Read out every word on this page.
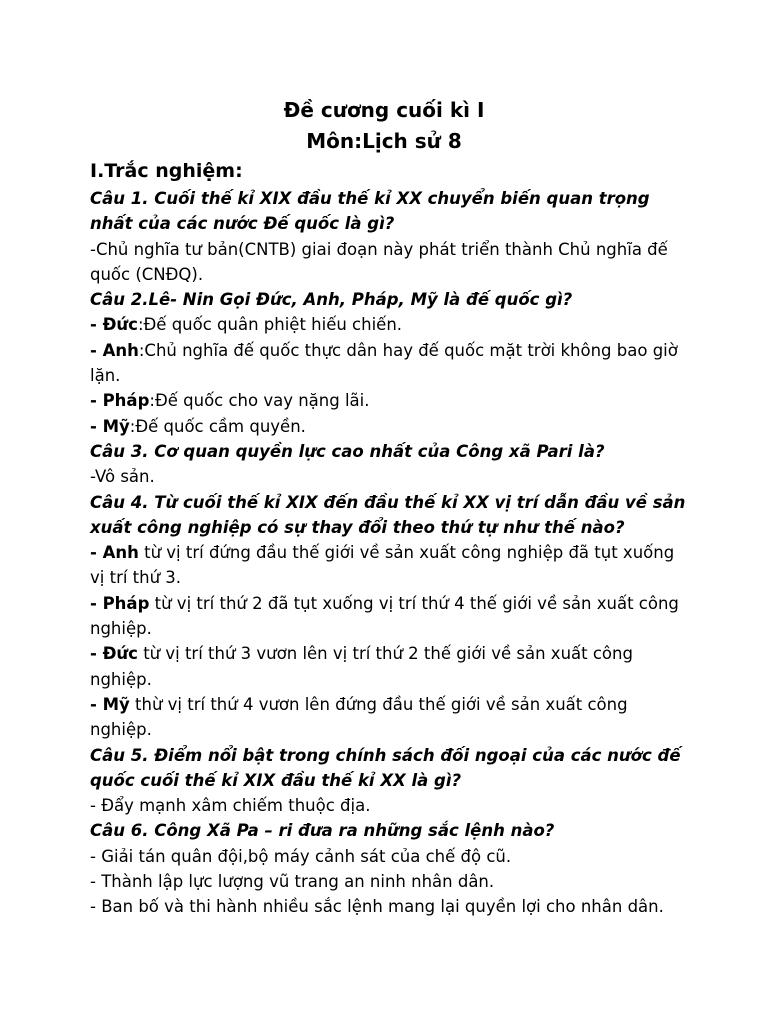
Đề cương cuối kì I
Môn:Lịch sử 8
I.Trắc nghiệm:

Câu 1. Cuối thế kỉ XIX đầu thế kỉ XX chuyển biến quan trọng nhất của các nước Đế quốc là gì?

-Chủ nghĩa tư bản(CNTB) giai đoạn này phát triển thành Chủ nghĩa đế quốc (CNĐQ).

Câu 2.Lê- Nin Gọi Đức, Anh, Pháp, Mỹ là đế quốc gì?

- Đức:Đế quốc quân phiệt hiếu chiến.

- Anh:Chủ nghĩa đế quốc thực dân hay đế quốc mặt trời không bao giờ lặn.

- Pháp:Đế quốc cho vay nặng lãi.

- Mỹ:Đế quốc cầm quyền.

Câu 3. Cơ quan quyền lực cao nhất của Công xã Pari là?

-Vô sản.

Câu 4. Từ cuối thế kỉ XIX đến đầu thế kỉ XX vị trí dẫn đầu về sản xuất công nghiệp có sự thay đổi theo thứ tự như thế nào?

- Anh từ vị trí đứng đầu thế giới về sản xuất công nghiệp đã tụt xuống vị trí thứ 3.

- Pháp từ vị trí thứ 2 đã tụt xuống vị trí thứ 4 thế giới về sản xuất công nghiệp.

- Đức từ vị trí thứ 3 vươn lên vị trí thứ 2 thế giới về sản xuất công nghiệp.

- Mỹ thừ vị trí thứ 4 vươn lên đứng đầu thế giới về sản xuất công nghiệp.

Câu 5. Điểm nổi bật trong chính sách đối ngoại của các nước đế quốc cuối thế kỉ XIX đầu thế kỉ XX là gì?

- Đẩy mạnh xâm chiếm thuộc địa.

Câu 6. Công Xã Pa – ri đưa ra những sắc lệnh nào?

- Giải tán quân đội,bộ máy cảnh sát của chế độ cũ.

- Thành lập lực lượng vũ trang an ninh nhân dân.

- Ban bố và thi hành nhiều sắc lệnh mang lại quyền lợi cho nhân dân.
